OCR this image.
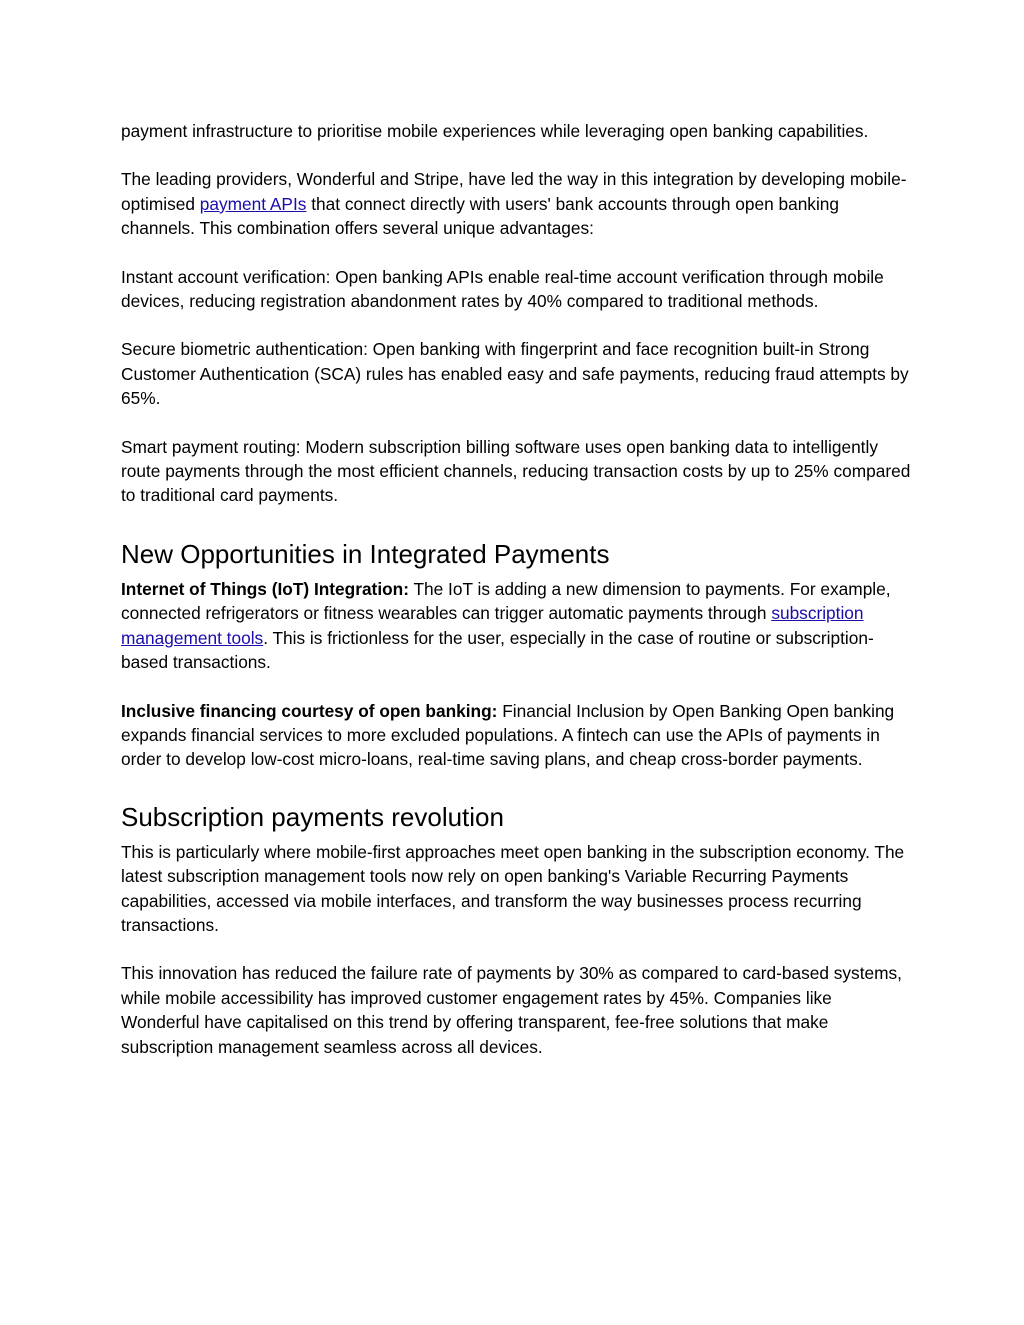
payment infrastructure to prioritise mobile experiences while leveraging open banking capabilities.

The leading providers, Wonderful and Stripe, have led the way in this integration by developing mobile-optimised payment APIs that connect directly with users' bank accounts through open banking channels. This combination offers several unique advantages:

Instant account verification: Open banking APIs enable real-time account verification through mobile devices, reducing registration abandonment rates by 40% compared to traditional methods.

Secure biometric authentication: Open banking with fingerprint and face recognition built-in Strong Customer Authentication (SCA) rules has enabled easy and safe payments, reducing fraud attempts by 65%.

Smart payment routing: Modern subscription billing software uses open banking data to intelligently route payments through the most efficient channels, reducing transaction costs by up to 25% compared to traditional card payments.

New Opportunities in Integrated Payments

Internet of Things (IoT) Integration: The IoT is adding a new dimension to payments. For example, connected refrigerators or fitness wearables can trigger automatic payments through subscription management tools. This is frictionless for the user, especially in the case of routine or subscription-based transactions.

Inclusive financing courtesy of open banking: Financial Inclusion by Open Banking Open banking expands financial services to more excluded populations. A fintech can use the APIs of payments in order to develop low-cost micro-loans, real-time saving plans, and cheap cross-border payments.

Subscription payments revolution

This is particularly where mobile-first approaches meet open banking in the subscription economy. The latest subscription management tools now rely on open banking's Variable Recurring Payments capabilities, accessed via mobile interfaces, and transform the way businesses process recurring transactions.

This innovation has reduced the failure rate of payments by 30% as compared to card-based systems, while mobile accessibility has improved customer engagement rates by 45%. Companies like Wonderful have capitalised on this trend by offering transparent, fee-free solutions that make subscription management seamless across all devices.
